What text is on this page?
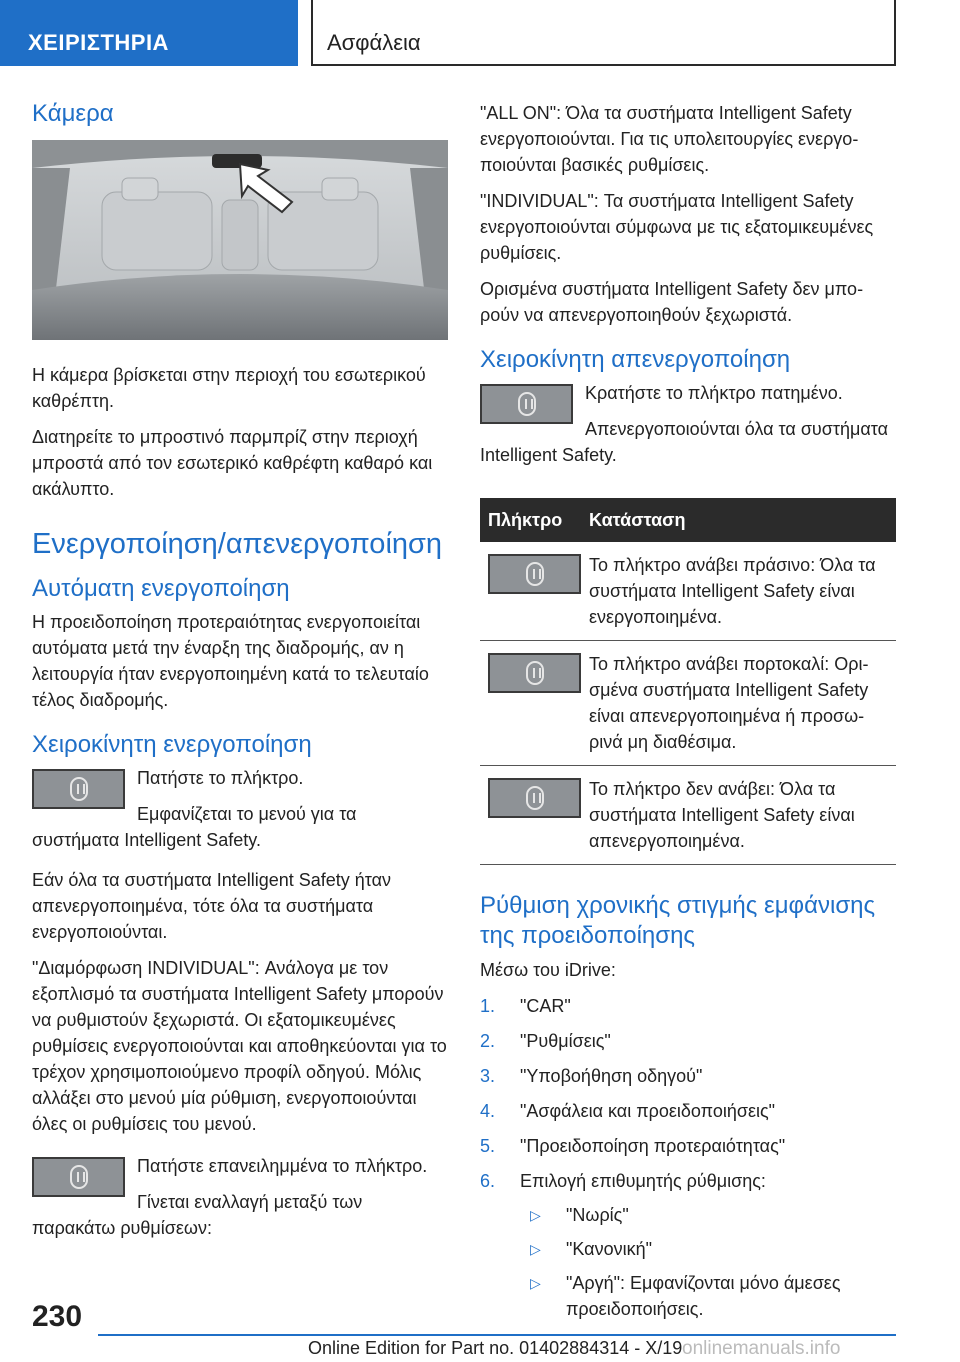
ΧΕΙΡΙΣΤΗΡΙΑ	Ασφάλεια
Κάμερα

Η κάμερα βρίσκεται στην περιοχή του εσωτερικού καθρέπτη.

Διατηρείτε το μπροστινό παρμπρίζ στην περιοχή μπροστά από τον εσωτερικό καθρέφτη καθαρό και ακάλυπτο.

Ενεργοποίηση/απενεργοποίηση
Αυτόματη ενεργοποίηση

Η προειδοποίηση προτεραιότητας ενεργοποιείται αυτόματα μετά την έναρξη της διαδρομής, αν η λειτουργία ήταν ενεργοποιημένη κατά το τελευταίο τέλος διαδρομής.

Χειροκίνητη ενεργοποίηση

Πατήστε το πλήκτρο.

Εμφανίζεται το μενού για τα συστήματα Intelligent Safety.

Εάν όλα τα συστήματα Intelligent Safety ήταν απενεργοποιημένα, τότε όλα τα συστήματα ενεργοποιούνται.

"Διαμόρφωση INDIVIDUAL": Ανάλογα με τον εξοπλισμό τα συστήματα Intelligent Safety μπορούν να ρυθμιστούν ξεχωριστά. Οι εξατομικευμένες ρυθμίσεις ενεργοποιούνται και αποθηκεύονται για το τρέχον χρησιμοποιούμενο προφίλ οδηγού. Μόλις αλλάξει στο μενού μία ρύθμιση, ενεργοποιούνται όλες οι ρυθμίσεις του μενού.

Πατήστε επανειλημμένα το πλήκτρο.

Γίνεται εναλλαγή μεταξύ των παρακάτω ρυθμίσεων:

"ALL ON": Όλα τα συστήματα Intelligent Safety ενεργοποιούνται. Για τις υπολειτουργίες ενεργοποιούνται βασικές ρυθμίσεις.

"INDIVIDUAL": Τα συστήματα Intelligent Safety ενεργοποιούνται σύμφωνα με τις εξατομικευμένες ρυθμίσεις.

Ορισμένα συστήματα Intelligent Safety δεν μπορούν να απενεργοποιηθούν ξεχωριστά.

Χειροκίνητη απενεργοποίηση

Κρατήστε το πλήκτρο πατημένο.

Απενεργοποιούνται όλα τα συστήματα Intelligent Safety.

Πλήκτρο	Κατάσταση

	Το πλήκτρο ανάβει πράσινο: Όλα τα συστήματα Intelligent Safety είναι ενεργοποιημένα.

	Το πλήκτρο ανάβει πορτοκαλί: Ορισμένα συστήματα Intelligent Safety είναι απενεργοποιημένα ή προσωρινά μη διαθέσιμα.

	Το πλήκτρο δεν ανάβει: Όλα τα συστήματα Intelligent Safety είναι απενεργοποιημένα.
Ρύθμιση χρονικής στιγμής εμφάνισης της προειδοποίησης

Μέσω του iDrive:

1. "CAR"
2. "Ρυθμίσεις"
3. "Υποβοήθηση οδηγού"
4. "Ασφάλεια και προειδοποιήσεις"
5. "Προειδοποίηση προτεραιότητας"
6. Επιλογή επιθυμητής ρύθμισης:
▷ "Νωρίς"
▷ "Κανονική"
▷ "Αργή": Εμφανίζονται μόνο άμεσες προειδοποιήσεις.
230
Online Edition for Part no. 01402884314 - X/19 onlinemanuals.info
